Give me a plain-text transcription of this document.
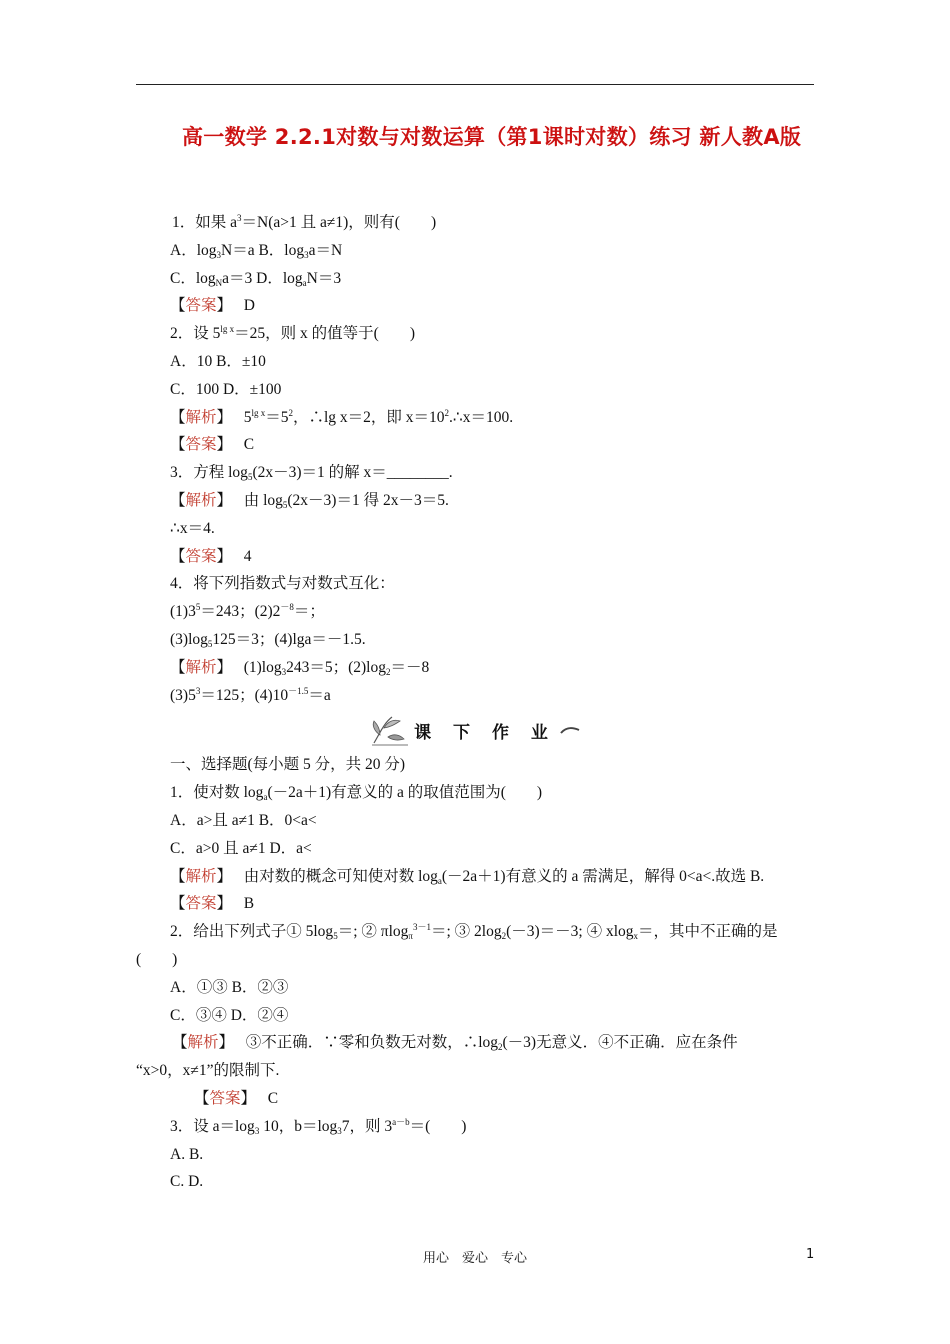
高一数学 2.2.1对数与对数运算（第1课时对数）练习 新人教A版
1．如果 $a^3=N(a>1$ 且 a≠1)，则有(　　)
A．$\log_3N=a$ B．$\log_3a=N$
C．$\log_Na=3$ D．$\log_aN=3$
【答案】　 D
2．设 $5^{lg x}=25$，则 x 的值等于(　　)
A．10 B．±10
C．100 D．±100
【解析】　 $5^{lg x}=5^2$，∴lg x＝2，即 $x=10^2.\therefore x=100$.
【答案】　 C
3．方程 $\log_5(2x-3)=1$ 的解 x＝________.
【解析】　 由 $\log_5(2x-3)=1$ 得 2x－3＝5.
∴x＝4.
【答案】　 4
4．将下列指数式与对数式互化：
$(1)3^5=243$；$(2)2^{-8}=$；
$(3)\log_5125=3$；(4)lga＝－1.5.
【解析】　 $(1)\log_3243=5$；$(2)\log_2=-8$
$(3)5^3=125$；$(4)10^{-1.5}=a$
课 下 作 业
一、选择题(每小题 5 分，共 20 分)
1．使对数 $\log_a(-2a+1)$有意义的 a 的取值范围为(　　)
A．a>且 a≠1 B．0<a<
C．a>0 且 a≠1 D．a<
【解析】　 由对数的概念可知使对数 $\log_a(-2a+1)$有意义的 a 需满足，解得 0<a<.故选 B.
【答案】　 B
2．给出下列式子① $5\log_5=$; ② πlog$_\pi^{3-1}$＝; ③ $2\log_2(-3)=-3$; ④ xlog$_x$＝，其中不正确的是
(　　)
A．①③ B．②③
C．③④ D．②④
【解析】　 ③不正确．∵零和负数无对数，$\therefore\log_2(-3)$无意义．④不正确．应在条件
“x>0，x≠1”的限制下.
【答案】　 C
3．设 $a=\log_3$ 10，$b=\log_37$，则 $3^{a-b}=$(　　)
A. B.
C. D.
用心　爱心　专心	1
